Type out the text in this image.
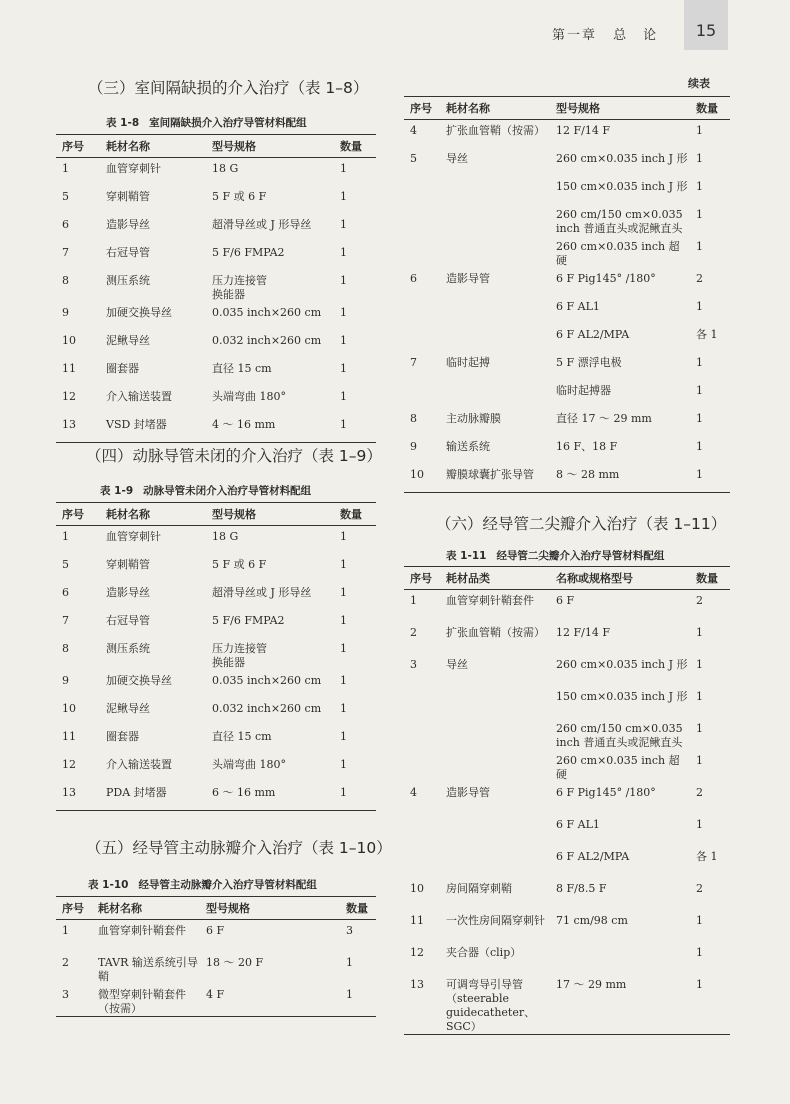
第一章 总　论	15
（三）室间隔缺损的介入治疗（表 1–8）
（四）动脉导管未闭的介入治疗（表 1–9）
（五）经导管主动脉瓣介入治疗（表 1–10）
（六）经导管二尖瓣介入治疗（表 1–11）
表 1-8 室间隔缺损介入治疗导管材料配组
表 1-9 动脉导管未闭介入治疗导管材料配组
表 1-10 经导管主动脉瓣介入治疗导管材料配组
表 1-11 经导管二尖瓣介入治疗导管材料配组
续表
序号	耗材名称	型号规格	数量
1	血管穿刺针	18 G	1
5	穿刺鞘管	5 F 或 6 F	1
6	造影导丝	超滑导丝或 J 形导丝	1
7	右冠导管	5 F/6 FMPA2	1
8	测压系统	压力连接管
换能器	1
9	加硬交换导丝	0.035 inch×260 cm	1
10	泥鳅导丝	0.032 inch×260 cm	1
11	圈套器	直径 15 cm	1
12	介入输送装置	头端弯曲 180°	1
13	VSD 封堵器	4 ～ 16 mm	1
序号	耗材名称	型号规格	数量
1	血管穿刺针	18 G	1
5	穿刺鞘管	5 F 或 6 F	1
6	造影导丝	超滑导丝或 J 形导丝	1
7	右冠导管	5 F/6 FMPA2	1
8	测压系统	压力连接管
换能器	1
9	加硬交换导丝	0.035 inch×260 cm	1
10	泥鳅导丝	0.032 inch×260 cm	1
11	圈套器	直径 15 cm	1
12	介入输送装置	头端弯曲 180°	1
13	PDA 封堵器	6 ～ 16 mm	1
序号	耗材名称	型号规格	数量
1	血管穿刺针鞘套件	6 F	3
2	TAVR 输送系统引导鞘	18 ～ 20 F	1
3	微型穿刺针鞘套件（按需）	4 F	1
序号	耗材名称	型号规格	数量
4	扩张血管鞘（按需）	12 F/14 F	1
5	导丝	260 cm×0.035 inch J 形	1
		150 cm×0.035 inch J 形	1
		260 cm/150 cm×0.035 inch 普通直头或泥鳅直头	1
		260 cm×0.035 inch 超硬	1
6	造影导管	6 F Pig145° /180°	2
		6 F AL1	1
		6 F AL2/MPA	各 1
7	临时起搏	5 F 漂浮电极	1
		临时起搏器	1
8	主动脉瓣膜	直径 17 ～ 29 mm	1
9	输送系统	16 F、18 F	1
10	瓣膜球囊扩张导管	8 ～ 28 mm	1
序号	耗材品类	名称或规格型号	数量
1	血管穿刺针鞘套件	6 F	2
2	扩张血管鞘（按需）	12 F/14 F	1
3	导丝	260 cm×0.035 inch J 形	1
		150 cm×0.035 inch J 形	1
		260 cm/150 cm×0.035 inch 普通直头或泥鳅直头	1
		260 cm×0.035 inch 超硬	1
4	造影导管	6 F Pig145° /180°	2
		6 F AL1	1
		6 F AL2/MPA	各 1
10	房间隔穿刺鞘	8 F/8.5 F	2
11	一次性房间隔穿刺针	71 cm/98 cm	1
12	夹合器（clip）		1
13	可调弯导引导管（steerable guidecatheter、SGC）	17 ～ 29 mm	1
